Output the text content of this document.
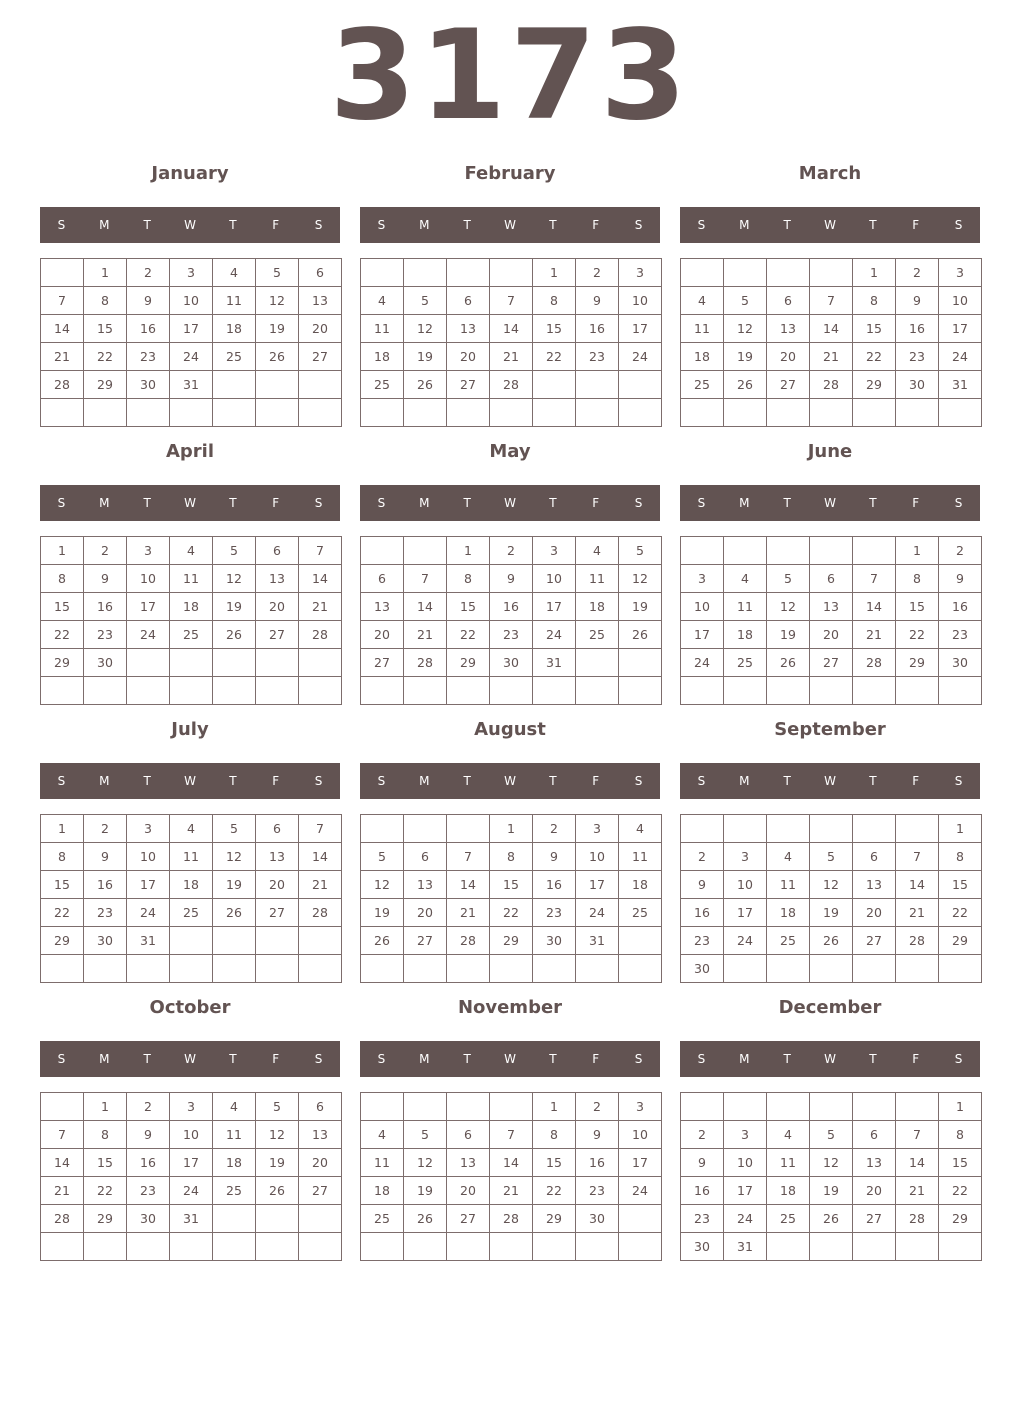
3173
January
S	M	T	W	T	F	S
	1	2	3	4	5	6
7	8	9	10	11	12	13
14	15	16	17	18	19	20
21	22	23	24	25	26	27
28	29	30	31			

February
S	M	T	W	T	F	S
				1	2	3
4	5	6	7	8	9	10
11	12	13	14	15	16	17
18	19	20	21	22	23	24
25	26	27	28			

March
S	M	T	W	T	F	S
				1	2	3
4	5	6	7	8	9	10
11	12	13	14	15	16	17
18	19	20	21	22	23	24
25	26	27	28	29	30	31

April
S	M	T	W	T	F	S
1	2	3	4	5	6	7
8	9	10	11	12	13	14
15	16	17	18	19	20	21
22	23	24	25	26	27	28
29	30					

May
S	M	T	W	T	F	S
		1	2	3	4	5
6	7	8	9	10	11	12
13	14	15	16	17	18	19
20	21	22	23	24	25	26
27	28	29	30	31		

June
S	M	T	W	T	F	S
					1	2
3	4	5	6	7	8	9
10	11	12	13	14	15	16
17	18	19	20	21	22	23
24	25	26	27	28	29	30

July
S	M	T	W	T	F	S
1	2	3	4	5	6	7
8	9	10	11	12	13	14
15	16	17	18	19	20	21
22	23	24	25	26	27	28
29	30	31				

August
S	M	T	W	T	F	S
			1	2	3	4
5	6	7	8	9	10	11
12	13	14	15	16	17	18
19	20	21	22	23	24	25
26	27	28	29	30	31	

September
S	M	T	W	T	F	S
						1
2	3	4	5	6	7	8
9	10	11	12	13	14	15
16	17	18	19	20	21	22
23	24	25	26	27	28	29
30						
October
S	M	T	W	T	F	S
	1	2	3	4	5	6
7	8	9	10	11	12	13
14	15	16	17	18	19	20
21	22	23	24	25	26	27
28	29	30	31			

November
S	M	T	W	T	F	S
				1	2	3
4	5	6	7	8	9	10
11	12	13	14	15	16	17
18	19	20	21	22	23	24
25	26	27	28	29	30	

December
S	M	T	W	T	F	S
						1
2	3	4	5	6	7	8
9	10	11	12	13	14	15
16	17	18	19	20	21	22
23	24	25	26	27	28	29
30	31					
